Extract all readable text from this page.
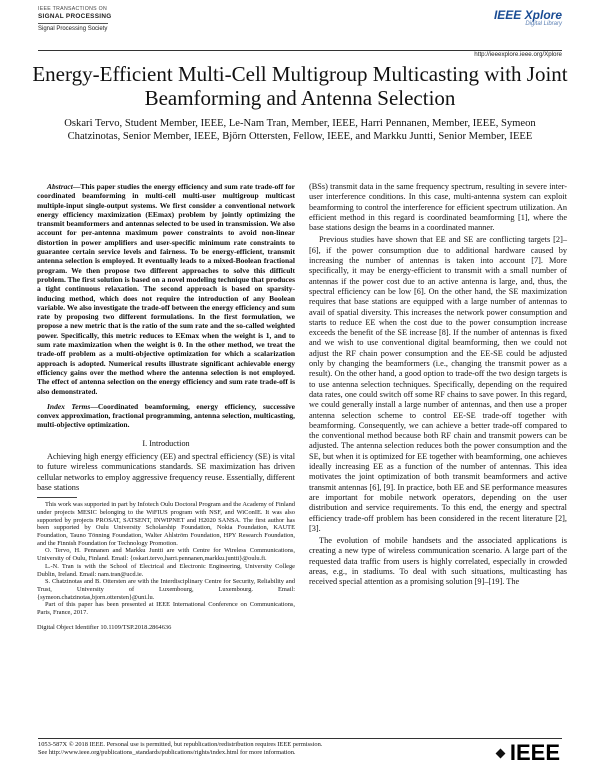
IEEE TRANSACTIONS ON
SIGNAL PROCESSING
Signal Processing Society
IEEE Xplore
Digital Library
http://ieeexplore.ieee.org/Xplore
Energy-Efficient Multi-Cell Multigroup Multicasting with Joint Beamforming and Antenna Selection
Oskari Tervo, Student Member, IEEE, Le-Nam Tran, Member, IEEE, Harri Pennanen, Member, IEEE, Symeon Chatzinotas, Senior Member, IEEE, Björn Ottersten, Fellow, IEEE, and Markku Juntti, Senior Member, IEEE

Abstract—This paper studies the energy efficiency and sum rate trade-off for coordinated beamforming in multi-cell multi-user multigroup multicast multiple-input single-output systems. We first consider a conventional network energy efficiency maximization (EEmax) problem by jointly optimizing the transmit beamformers and antennas selected to be used in transmission. We also account for per-antenna maximum power constraints to avoid non-linear distortion in power amplifiers and user-specific minimum rate constraints to guarantee certain service levels and fairness. To be energy-efficient, transmit antenna selection is employed. It eventually leads to a mixed-Boolean fractional program. We then propose two different approaches to solve this difficult problem. The first solution is based on a novel modeling technique that produces a tight continuous relaxation. The second approach is based on sparsity-inducing method, which does not require the introduction of any Boolean variable. We also investigate the trade-off between the energy efficiency and sum rate by proposing two different formulations. In the first formulation, we propose a new metric that is the ratio of the sum rate and the so-called weighted power. Specifically, this metric reduces to EEmax when the weight is 1, and to sum rate maximization when the weight is 0. In the other method, we treat the trade-off problem as a multi-objective optimization for which a scalarization approach is adopted. Numerical results illustrate significant achievable energy efficiency gains over the method where the antenna selection is not employed. The effect of antenna selection on the energy efficiency and sum rate trade-off is also demonstrated.

Index Terms—Coordinated beamforming, energy efficiency, successive convex approximation, fractional programming, antenna selection, multicasting, multi-objective optimization.

I. Introduction

Achieving high energy efficiency (EE) and spectral efficiency (SE) is vital to future wireless communications standards. SE maximization has driven cellular networks to employ aggressive frequency reuse. Essentially, different base stations

This work was supported in part by Infotech Oulu Doctoral Program and the Academy of Finland under projects MESIC belonging to the WiFIUS program with NSF, and WiConIE. It was also supported by projects PROSAT, SATSENT, INWIPNET and H2020 SANSA. The first author has been supported by Oulu University Scholarship Foundation, Nokia Foundation, KAUTE Foundation, Tauno Tönning Foundation, Walter Ahlström Foundation, HPY Research Foundation, and the Finnish Foundation for Technology Promotion.

O. Tervo, H. Pennanen and Markku Juntti are with Centre for Wireless Communications, University of Oulu, Finland. Email: {oskari.tervo,harri.pennanen,markku.juntti}@oulu.fi.

L.-N. Tran is with the School of Electrical and Electronic Engineering, University College Dublin, Ireland. Email: nam.tran@ucd.ie.

S. Chatzinotas and B. Ottersten are with the Interdisciplinary Centre for Security, Reliability and Trust, University of Luxembourg, Luxembourg. Email: {symeon.chatzinotas,bjorn.ottersten}@uni.lu.

Part of this paper has been presented at IEEE International Conference on Communications, Paris, France, 2017.

Digital Object Identifier 10.1109/TSP.2018.2864636

(BSs) transmit data in the same frequency spectrum, resulting in severe inter-user interference conditions. In this case, multi-antenna system can exploit beamforming to control the interference for efficient spectrum utilization. An efficient method in this regard is coordinated beamforming [1], where the base stations design the beams in a coordinated manner.

Previous studies have shown that EE and SE are conflicting targets [2]–[6], if the power consumption due to additional hardware caused by increasing the number of antennas is taken into account [7]. More specifically, it may be energy-efficient to transmit with a small number of antennas if the power cost due to an active antenna is large, and, thus, the spectral efficiency can be low [6]. On the other hand, the SE maximization requires that base stations are equipped with a large number of antennas to avail of spatial diversity. This increases the network power consumption and starts to reduce EE when the cost due to the power consumption increase exceeds the benefit of the SE increase [8]. If the number of antennas is fixed and we wish to use conventional digital beamforming, then we could not adjust the RF chain power consumption and the EE-SE could be adjusted only by changing the beamformers (i.e., changing the transmit power as a result). On the other hand, a good option to trade-off the two design targets is to use antenna selection techniques. Specifically, depending on the required data rates, one could switch off some RF chains to save power. In this regard, we could generally install a large number of antennas, and then use a proper antenna selection scheme to control EE-SE trade-off together with beamforming. Consequently, we can achieve a better trade-off compared to the conventional method because both RF chain and transmit powers can be adjusted. The antenna selection reduces both the power consumption and the SE, but when it is optimized for EE together with beamforming, one achieves ideally increasing EE as a function of the number of antennas. This idea motivates the joint optimization of both transmit beamformers and active transmit antennas [6], [9]. In practice, both EE and SE performance measures are important for mobile network operators, depending on the user distribution and service requirements. To this end, the energy and spectral efficiency trade-off problem has been considered in the recent literature [2], [3].

The evolution of mobile handsets and the associated applications is creating a new type of wireless communication scenario. A large part of the requested data traffic from users is highly correlated, especially in crowded areas, e.g., in stadiums. To deal with such situations, multicasting has received special attention as a promising solution [9]–[19]. The

1053-587X © 2018 IEEE. Personal use is permitted, but republication/redistribution requires IEEE permission.
See http://www.ieee.org/publications_standards/publications/rights/index.html for more information.	IEEE
